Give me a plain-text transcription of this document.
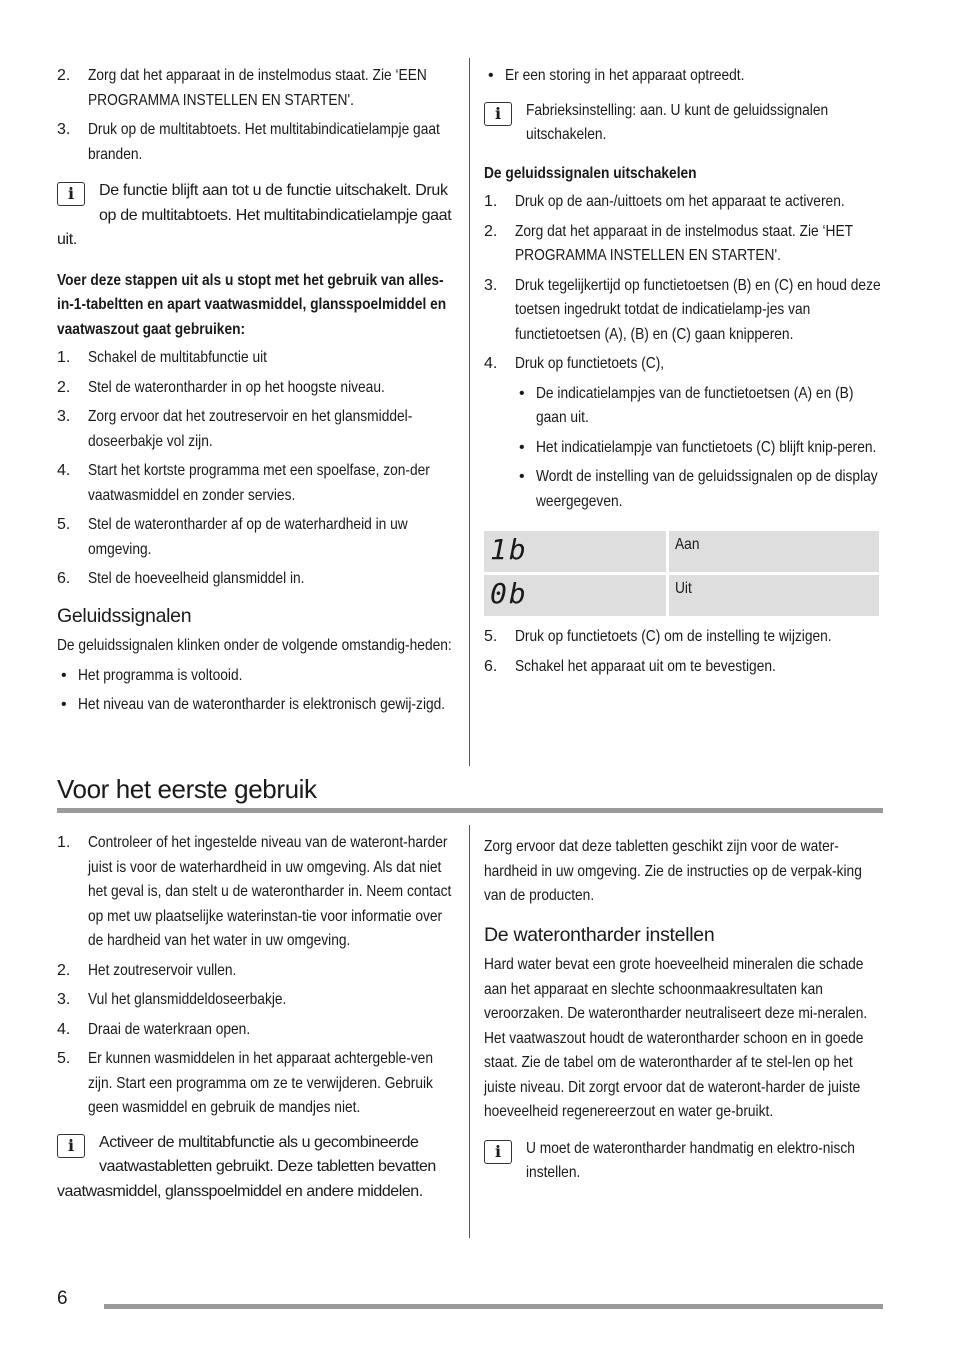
2. Zorg dat het apparaat in de instelmodus staat. Zie ‘EEN PROGRAMMA INSTELLEN EN STARTEN'.

3. Druk op de multitabtoets. Het multitabindicatielampje gaat branden.

i	De functie blijft aan tot u de functie uitschakelt. Druk op de multitabtoets. Het multitabindicatielampje gaat uit.

Voer deze stappen uit als u stopt met het gebruik van alles-in-1-tabeltten en apart vaatwasmiddel, glansspoelmiddel en vaatwaszout gaat gebruiken:

1. Schakel de multitabfunctie uit

2. Stel de waterontharder in op het hoogste niveau.

3. Zorg ervoor dat het zoutreservoir en het glansmiddel-doseerbakje vol zijn.

4. Start het kortste programma met een spoelfase, zon-der vaatwasmiddel en zonder servies.

5. Stel de waterontharder af op de waterhardheid in uw omgeving.

6. Stel de hoeveelheid glansmiddel in.

Geluidssignalen

De geluidssignalen klinken onder de volgende omstandig-heden:

• Het programma is voltooid.

• Het niveau van de waterontharder is elektronisch gewij-zigd.

• Er een storing in het apparaat optreedt.

i	Fabrieksinstelling: aan. U kunt de geluidssignalen uitschakelen.

De geluidssignalen uitschakelen

1. Druk op de aan-/uittoets om het apparaat te activeren.

2. Zorg dat het apparaat in de instelmodus staat. Zie ‘HET PROGRAMMA INSTELLEN EN STARTEN'.

3. Druk tegelijkertijd op functietoetsen (B) en (C) en houd deze toetsen ingedrukt totdat de indicatielamp-jes van functietoetsen (A), (B) en (C) gaan knipperen.

4. Druk op functietoets (C),

• De indicatielampjes van de functietoetsen (A) en (B) gaan uit.

• Het indicatielampje van functietoets (C) blijft knip-peren.

• Wordt de instelling van de geluidssignalen op de display weergegeven.

1b	Aan

0b	Uit
5. Druk op functietoets (C) om de instelling te wijzigen.

6. Schakel het apparaat uit om te bevestigen.

Voor het eerste gebruik
1. Controleer of het ingestelde niveau van de wateront-harder juist is voor de waterhardheid in uw omgeving. Als dat niet het geval is, dan stelt u de waterontharder in. Neem contact op met uw plaatselijke waterinstan-tie voor informatie over de hardheid van het water in uw omgeving.

2. Het zoutreservoir vullen.

3. Vul het glansmiddeldoseerbakje.

4. Draai de waterkraan open.

5. Er kunnen wasmiddelen in het apparaat achtergeble-ven zijn. Start een programma om ze te verwijderen. Gebruik geen wasmiddel en gebruik de mandjes niet.

i	Activeer de multitabfunctie als u gecombineerde vaatwastabletten gebruikt. Deze tabletten bevatten vaatwasmiddel, glansspoelmiddel en andere middelen.

Zorg ervoor dat deze tabletten geschikt zijn voor de water-hardheid in uw omgeving. Zie de instructies op de verpak-king van de producten.

De waterontharder instellen

Hard water bevat een grote hoeveelheid mineralen die schade aan het apparaat en slechte schoonmaakresultaten kan veroorzaken. De waterontharder neutraliseert deze mi-neralen.

Het vaatwaszout houdt de waterontharder schoon en in goede staat. Zie de tabel om de waterontharder af te stel-len op het juiste niveau. Dit zorgt ervoor dat de wateront-harder de juiste hoeveelheid regenereerzout en water ge-bruikt.

i	U moet de waterontharder handmatig en elektro-nisch instellen.

6
